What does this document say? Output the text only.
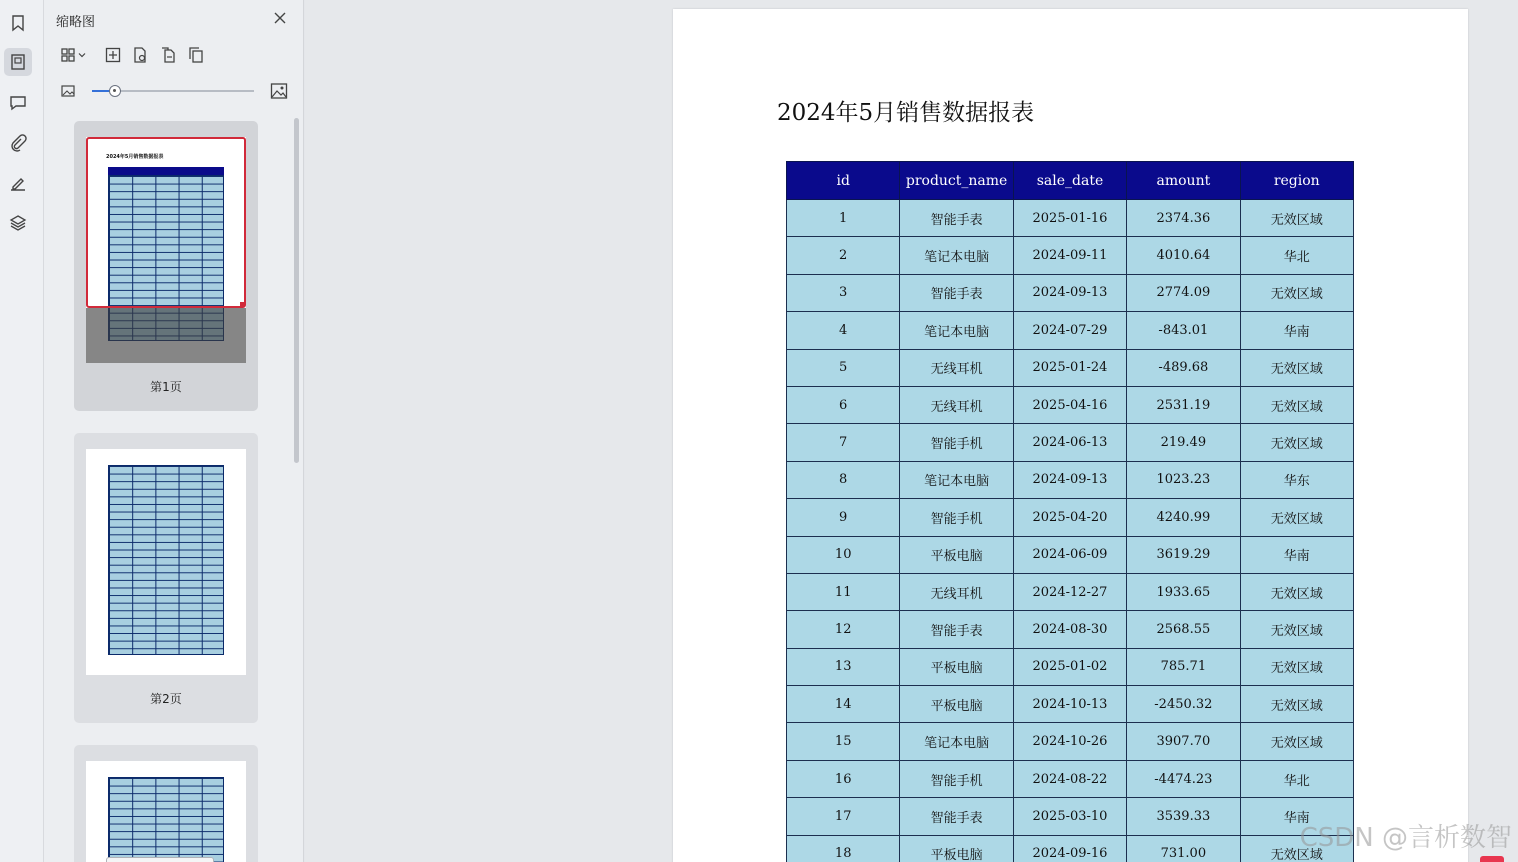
缩略图
2024年5月销售数据报表
第1页
第2页
2024年5月销售数据报表
id	product_name	sale_date	amount	region
1	智能手表	2025-01-16	2374.36	无效区域
2	笔记本电脑	2024-09-11	4010.64	华北
3	智能手表	2024-09-13	2774.09	无效区域
4	笔记本电脑	2024-07-29	-843.01	华南
5	无线耳机	2025-01-24	-489.68	无效区域
6	无线耳机	2025-04-16	2531.19	无效区域
7	智能手机	2024-06-13	219.49	无效区域
8	笔记本电脑	2024-09-13	1023.23	华东
9	智能手机	2025-04-20	4240.99	无效区域
10	平板电脑	2024-06-09	3619.29	华南
11	无线耳机	2024-12-27	1933.65	无效区域
12	智能手表	2024-08-30	2568.55	无效区域
13	平板电脑	2025-01-02	785.71	无效区域
14	平板电脑	2024-10-13	-2450.32	无效区域
15	笔记本电脑	2024-10-26	3907.70	无效区域
16	智能手机	2024-08-22	-4474.23	华北
17	智能手表	2025-03-10	3539.33	华南
18	平板电脑	2024-09-16	731.00	无效区域
CSDN @言析数智
